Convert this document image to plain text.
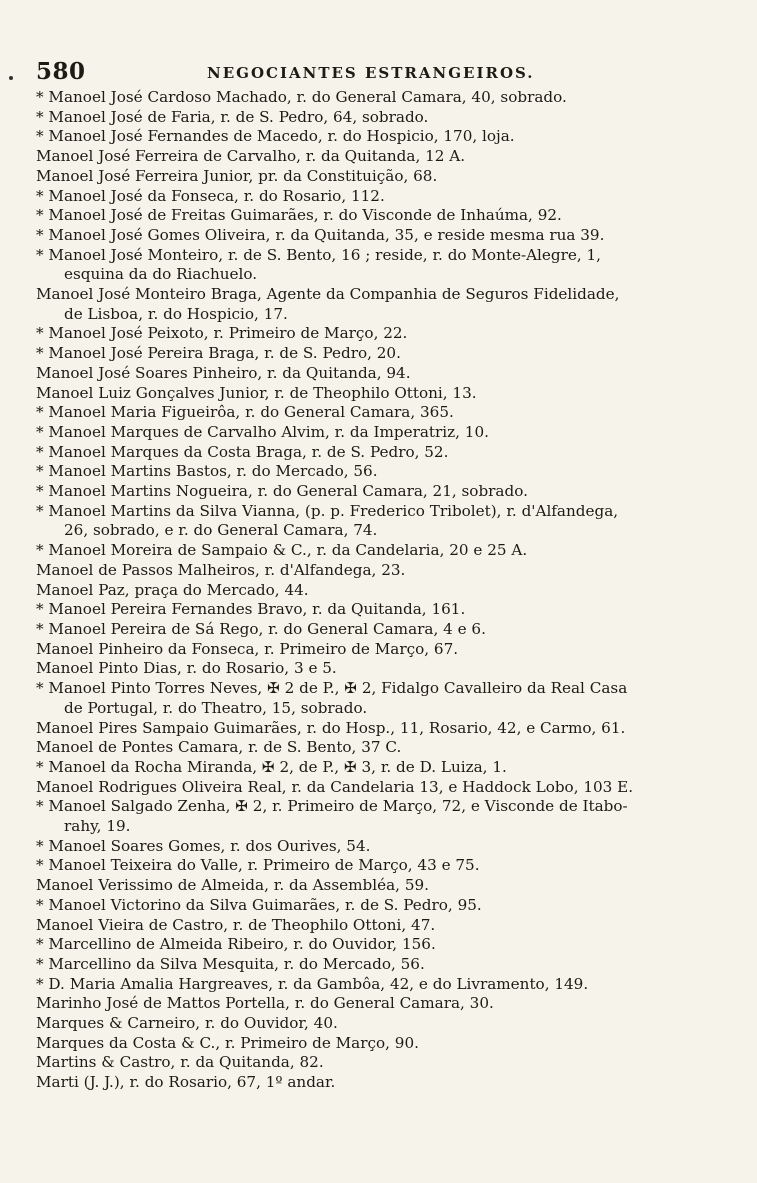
580	NEGOCIANTES ESTRANGEIROS.
* Manoel José Cardoso Machado, r. do General Camara, 40, sobrado.
* Manoel José de Faria, r. de S. Pedro, 64, sobrado.
* Manoel José Fernandes de Macedo, r. do Hospicio, 170, loja.
Manoel José Ferreira de Carvalho, r. da Quitanda, 12 A.
Manoel José Ferreira Junior, pr. da Constituição, 68.
* Manoel José da Fonseca, r. do Rosario, 112.
* Manoel José de Freitas Guimarães, r. do Visconde de Inhaúma, 92.
* Manoel José Gomes Oliveira, r. da Quitanda, 35, e reside mesma rua 39.
* Manoel José Monteiro, r. de S. Bento, 16 ; reside, r. do Monte-Alegre, 1,
esquina da do Riachuelo.
Manoel José Monteiro Braga, Agente da Companhia de Seguros Fidelidade,
de Lisboa, r. do Hospicio, 17.
* Manoel José Peixoto, r. Primeiro de Março, 22.
* Manoel José Pereira Braga, r. de S. Pedro, 20.
Manoel José Soares Pinheiro, r. da Quitanda, 94.
Manoel Luiz Gonçalves Junior, r. de Theophilo Ottoni, 13.
* Manoel Maria Figueirôa, r. do General Camara, 365.
* Manoel Marques de Carvalho Alvim, r. da Imperatriz, 10.
* Manoel Marques da Costa Braga, r. de S. Pedro, 52.
* Manoel Martins Bastos, r. do Mercado, 56.
* Manoel Martins Nogueira, r. do General Camara, 21, sobrado.
* Manoel Martins da Silva Vianna, (p. p. Frederico Tribolet), r. d'Alfandega,
26, sobrado, e r. do General Camara, 74.
* Manoel Moreira de Sampaio & C., r. da Candelaria, 20 e 25 A.
Manoel de Passos Malheiros, r. d'Alfandega, 23.
Manoel Paz, praça do Mercado, 44.
* Manoel Pereira Fernandes Bravo, r. da Quitanda, 161.
* Manoel Pereira de Sá Rego, r. do General Camara, 4 e 6.
Manoel Pinheiro da Fonseca, r. Primeiro de Março, 67.
Manoel Pinto Dias, r. do Rosario, 3 e 5.
* Manoel Pinto Torres Neves, ✠ 2 de P., ✠ 2, Fidalgo Cavalleiro da Real Casa
de Portugal, r. do Theatro, 15, sobrado.
Manoel Pires Sampaio Guimarães, r. do Hosp., 11, Rosario, 42, e Carmo, 61.
Manoel de Pontes Camara, r. de S. Bento, 37 C.
* Manoel da Rocha Miranda, ✠ 2, de P., ✠ 3, r. de D. Luiza, 1.
Manoel Rodrigues Oliveira Real, r. da Candelaria 13, e Haddock Lobo, 103 E.
* Manoel Salgado Zenha, ✠ 2, r. Primeiro de Março, 72, e Visconde de Itabo-
rahy, 19.
* Manoel Soares Gomes, r. dos Ourives, 54.
* Manoel Teixeira do Valle, r. Primeiro de Março, 43 e 75.
Manoel Verissimo de Almeida, r. da Assembléa, 59.
* Manoel Victorino da Silva Guimarães, r. de S. Pedro, 95.
Manoel Vieira de Castro, r. de Theophilo Ottoni, 47.
* Marcellino de Almeida Ribeiro, r. do Ouvidor, 156.
* Marcellino da Silva Mesquita, r. do Mercado, 56.
* D. Maria Amalia Hargreaves, r. da Gambôa, 42, e do Livramento, 149.
Marinho José de Mattos Portella, r. do General Camara, 30.
Marques & Carneiro, r. do Ouvidor, 40.
Marques da Costa & C., r. Primeiro de Março, 90.
Martins & Castro, r. da Quitanda, 82.
Marti (J. J.), r. do Rosario, 67, 1º andar.
